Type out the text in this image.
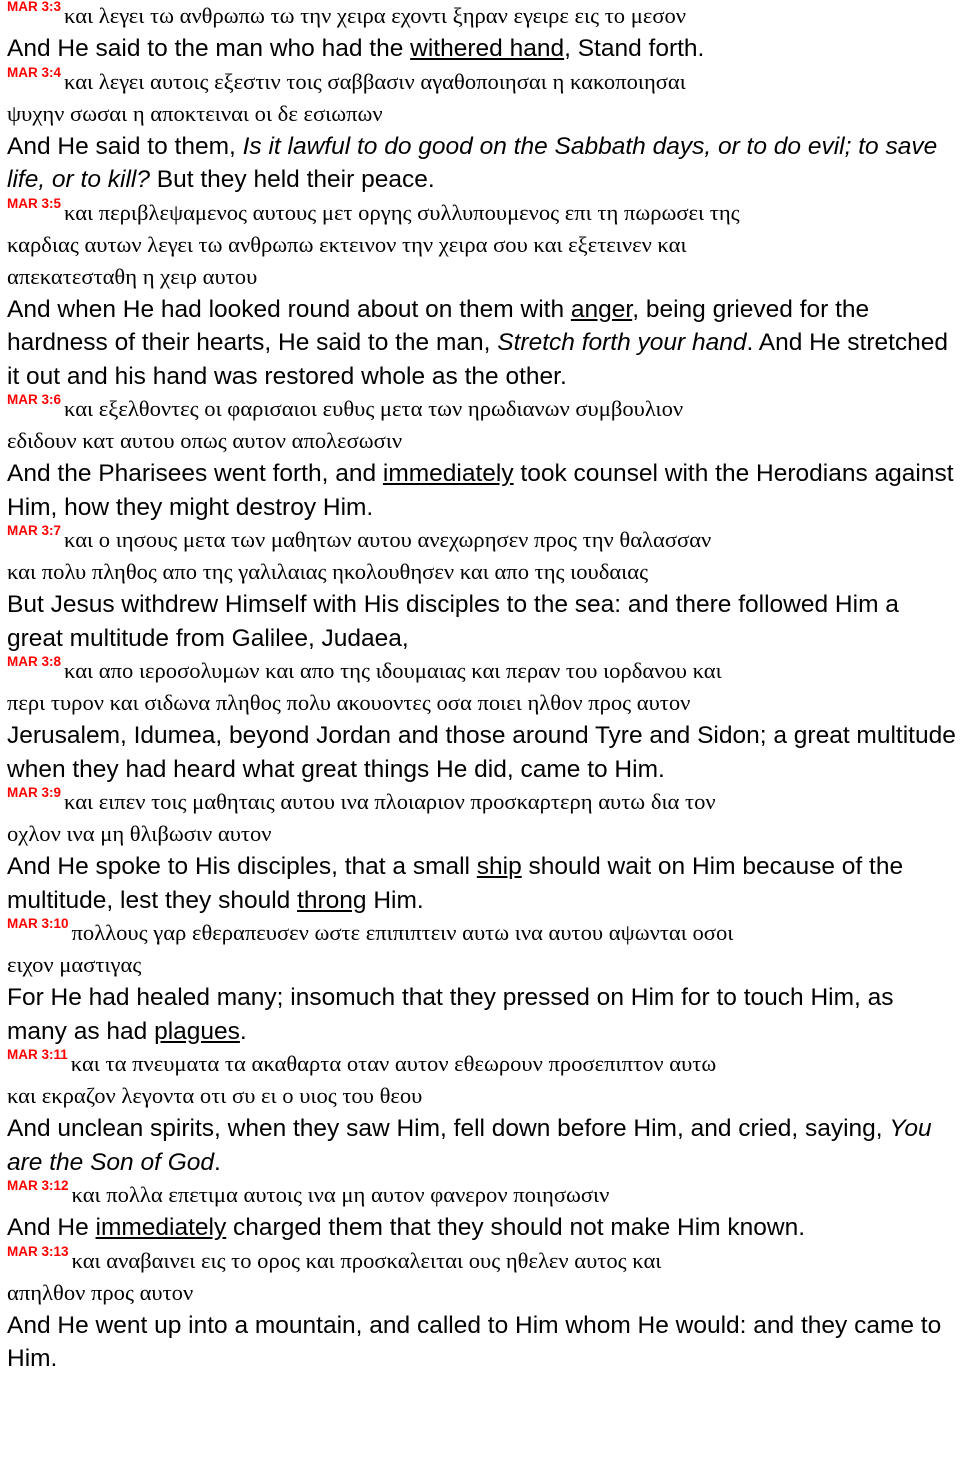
MAR 3:3 και λεγει τω ανθρωπω τω την χειρα εχοντι ξηραν εγειρε εις το μεσον

And He said to the man who had the withered hand, Stand forth.

MAR 3:4 και λεγει αυτοις εξεστιν τοις σαββασιν αγαθοποιησαι η κακοποιησαι
ψυχην σωσαι η αποκτειναι οι δε εσιωπων

And He said to them, Is it lawful to do good on the Sabbath days, or to do evil; to save life, or to kill? But they held their peace.

MAR 3:5 και περιβλεψαμενος αυτους μετ οργης συλλυπουμενος επι τη πωρωσει της
καρδιας αυτων λεγει τω ανθρωπω εκτεινον την χειρα σου και εξετεινεν και
απεκατεσταθη η χειρ αυτου

And when He had looked round about on them with anger, being grieved for the hardness of their hearts, He said to the man, Stretch forth your hand. And He stretched it out and his hand was restored whole as the other.

MAR 3:6 και εξελθοντες οι φαρισαιοι ευθυς μετα των ηρωδιανων συμβουλιον
εδιδουν κατ αυτου οπως αυτον απολεσωσιν

And the Pharisees went forth, and immediately took counsel with the Herodians against Him, how they might destroy Him.

MAR 3:7 και ο ιησους μετα των μαθητων αυτου ανεχωρησεν προς την θαλασσαν
και πολυ πληθος απο της γαλιλαιας ηκολουθησεν και απο της ιουδαιας

But Jesus withdrew Himself with His disciples to the sea: and there followed Him a great multitude from Galilee, Judaea,

MAR 3:8 και απο ιεροσολυμων και απο της ιδουμαιας και περαν του ιορδανου και
περι τυρον και σιδωνα πληθος πολυ ακουοντες οσα ποιει ηλθον προς αυτον

Jerusalem, Idumea, beyond Jordan and those around Tyre and Sidon; a great multitude when they had heard what great things He did, came to Him.

MAR 3:9 και ειπεν τοις μαθηταις αυτου ινα πλοιαριον προσκαρτερη αυτω δια τον
οχλον ινα μη θλιβωσιν αυτον

And He spoke to His disciples, that a small ship should wait on Him because of the multitude, lest they should throng Him.

MAR 3:10 πολλους γαρ εθεραπευσεν ωστε επιπιπτειν αυτω ινα αυτου αψωνται οσοι
ειχον μαστιγας

For He had healed many; insomuch that they pressed on Him for to touch Him, as many as had plagues.

MAR 3:11 και τα πνευματα τα ακαθαρτα οταν αυτον εθεωρουν προσεπιπτον αυτω
και εκραζον λεγοντα οτι συ ει ο υιος του θεου

And unclean spirits, when they saw Him, fell down before Him, and cried, saying, You are the Son of God.

MAR 3:12 και πολλα επετιμα αυτοις ινα μη αυτον φανερον ποιησωσιν

And He immediately charged them that they should not make Him known.

MAR 3:13 και αναβαινει εις το ορος και προσκαλειται ους ηθελεν αυτος και
απηλθον προς αυτον

And He went up into a mountain, and called to Him whom He would: and they came to Him.
